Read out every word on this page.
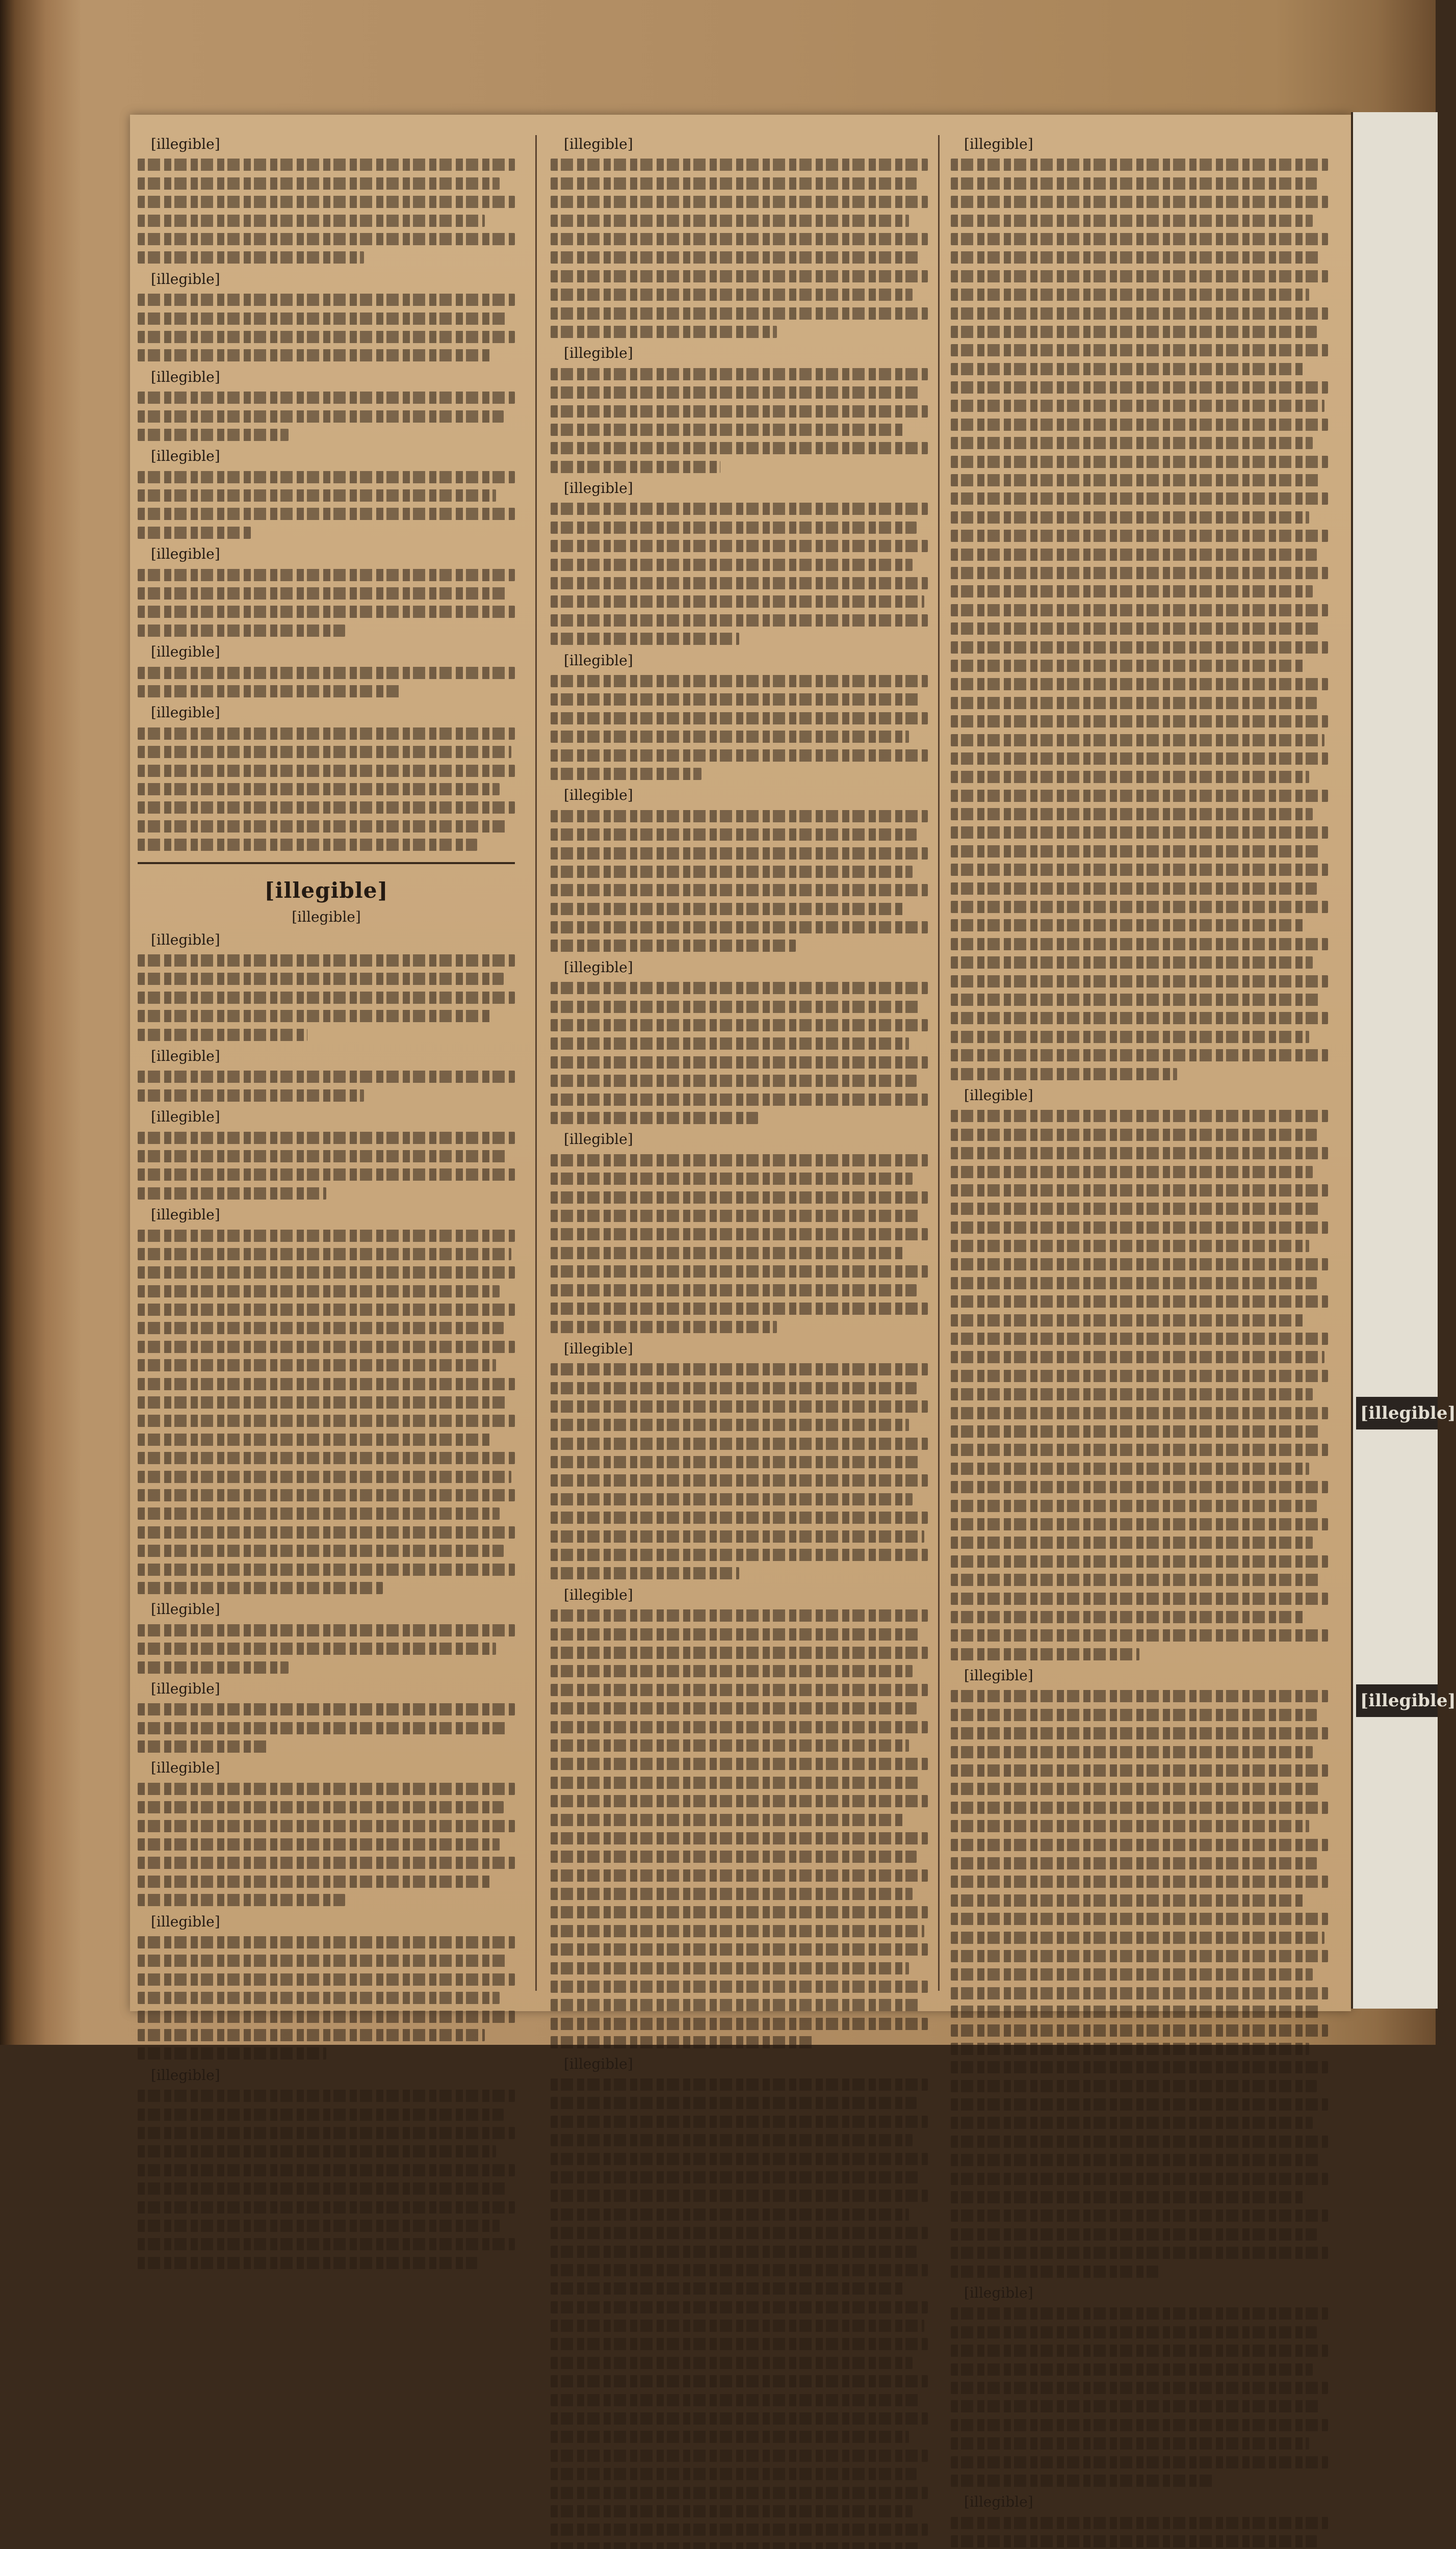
[illegible]

[illegible]

[illegible]

[illegible]

[illegible]

[illegible]

[illegible]

[illegible]
[illegible]

[illegible]

[illegible]

[illegible]

[illegible]

[illegible]

[illegible]

[illegible]

[illegible]

[illegible]

[illegible]

[illegible]

[illegible]

[illegible]

[illegible]

[illegible]

[illegible]

[illegible]

[illegible]

[illegible]

[illegible]

[illegible]

[illegible]

[illegible]

[illegible]

[illegible]
[illegible]
